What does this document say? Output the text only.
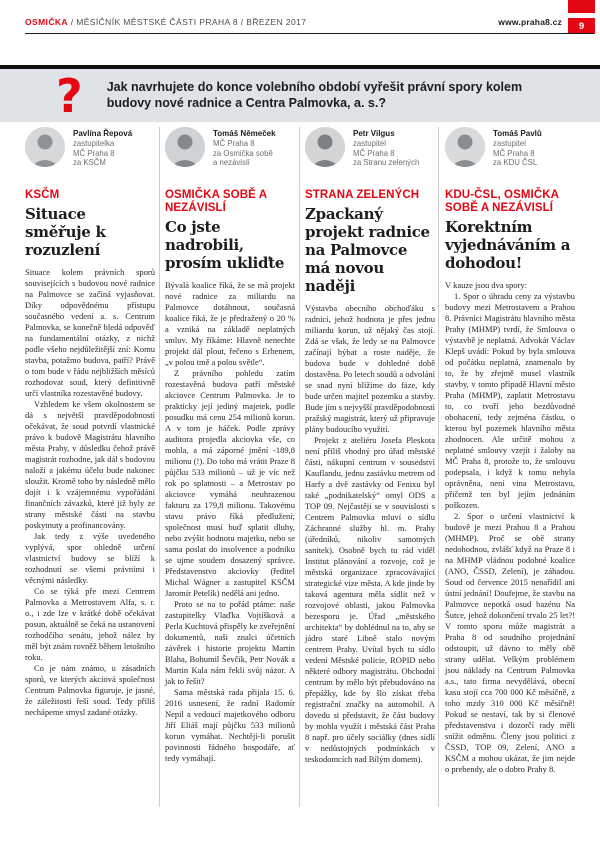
9
OSMIČKA / MĚSÍČNÍK MĚSTSKÉ ČÁSTI PRAHA 8 / BŘEZEN 2017	www.praha8.cz
? Jak navrhujete do konce volebního období vyřešit právní spory kolem budovy nové radnice a Centra Palmovka, a. s.?
Pavlína Řepová
zastupitelka
MČ Praha 8
za KSČM
KSČM
Situace směřuje k rozuzlení

Situace kolem právních sporů souvisejících s budovou nové radnice na Palmovce se začíná vyjasňovat. Díky odpovědnému přístupu současného vedení a. s. Centrum Palmovka, se konečně hledá odpověď na fundamentální otázky, z nichž podle všeho nejdůležitější zní: Komu stavba, potažmo budova, patří? Právě o tom bude v řádu nejbližších měsíců rozhodovat soud, který definitivně určí vlastníka rozestavěné budovy.

Vzhledem ke všem okolnostem se dá s největší pravděpodobností očekávat, že soud potvrdí vlastnické právo k budově Magistrátu hlavního města Prahy, v důsledku čehož právě magistrát rozhodne, jak dál s budovou naloží a jakému účelu bude nakonec sloužit. Kromě toho by následně mělo dojít i k vzájemnému vypořádání finančních závazků, které již byly ze strany městské části na stavbu poskytnuty a profinancovány.

Jak tedy z výše uvedeného vyplývá, spor ohledně určení vlastnictví budovy se blíží k rozhodnutí se všemi právními i věcnými následky.

Co se týká pře mezi Centrem Palmovka a Metrostavem Alfa, s. r. o., i zde lze v krátké době očekávat posun, aktuálně se čeká na ustanovení rozhodčího senátu, jehož nález by měl být znám rovněž během letošního roku.

Co je nám známo, u zásadních sporů, ve kterých akciová společnost Centrum Palmovka figuruje, je jasné, že záležitosti řeší soud. Tedy příliš nechápeme smysl zadané otázky.

Tomáš Němeček
MČ Praha 8
za Osmička sobě
a nezávislí
OSMIČKA SOBĚ A NEZÁVISLÍ
Co jste nadrobili, prosím ukliďte

Bývalá koalice říká, že se má projekt nové radnice za miliardu na Palmovce dotáhnout, současná koalice říká, že je předražený o 20 % a vzniká na základě neplatných smluv. My říkáme: Hlavně nenechte projekt dál plout, řečeno s Erbenem, „v polou tmě a polou světle“.

Z právního pohledu zatím rozestavěná budova patří městské akciovce Centrum Palmovka. Je to prakticky její jediný majetek, podle posudku má cenu 254 milionů korun. A v tom je háček. Podle zprávy auditora projedla akciovka vše, co mohla, a má záporné jmění -189,8 milionu (!). Do toho má vrátit Praze 8 půjčku 533 milionů – už je víc než rok po splatnosti – a Metrostav po akciovce vymáhá neuhrazenou fakturu za 179,8 milionu. Takovému stavu právo říká předlužení; společnost musí buď splatit dluhy, nebo zvýšit hodnotu majetku, nebo se sama poslat do insolvence a podniku se ujme soudem dosazený správce. Představenstvo akciovky (ředitel Michal Wágner a zastupitel KSČM Jaromír Petelík) nedělá ani jedno.

Proto se na to pořád ptáme: naše zastupitelky Vlaďka Vojtíšková a Perla Kuchtová přispěly ke zveřejnění dokumentů, naši znalci účetních závěrek i historie projektu Martin Blaha, Bohumil Ševčík, Petr Novák a Martin Kala nám řekli svůj názor. A jak to řešit?

Sama městská rada přijala 15. 6. 2016 usnesení, že radní Radomír Nepil a vedoucí majetkového odboru Jiří Eliáš mají půjčku 533 milionů korun vymáhat. Nechtějí-li porušit povinnosti řádného hospodáře, ať tedy vymáhají.

Petr Vilgus
zastupitel
MČ Praha 8
za Stranu zelených
STRANA ZELENÝCH
Zpackaný projekt radnice na Palmovce má novou naději

Výstavba obecního obchoďáku s radnicí, jehož hodnota je přes jednu miliardu korun, už nějaký čas stojí. Zdá se však, že ledy se na Palmovce začínají hýbat a roste naděje, že budova bude v dohledné době dostavěna. Po letech soudů a odvolání se snad nyní blížíme do fáze, kdy bude určen majitel pozemku a stavby. Bude jím s nejvyšší pravděpodobností pražský magistrát, který už připravuje plány budoucího využití.

Projekt z ateliéru Josefa Pleskota není příliš vhodný pro úřad městské části, nákupní centrum v sousedství Kauflandu, jednu zastávku metrem od Harfy a dvě zastávky od Fenixu byl také „podnikatelský“ omyl ODS a TOP 09. Nejčastěji se v souvislosti s Centrem Palmovka mluví o sídlu Záchranné služby hl. m. Prahy (úředníků, nikoliv samotných sanitek). Osobně bych tu rád viděl Institut plánování a rozvoje, což je městská organizace zpracovávající strategické vize města. A kde jinde by taková agentura měla sídlit než v rozvojové oblasti, jakou Palmovka bezesporu je. Úřad „městského architekta“ by dohlédnul na to, aby se jádro staré Libně stalo novým centrem Prahy. Uvítal bych tu sídlo vedení Městské policie, ROPID nebo některé odbory magistrátu. Obchodní centrum by mělo být přebudováno na přepážky, kde by šlo získat třeba registrační značky na automobil. A dovedu si představit, že část budovy by mohla využít i městská část Praha 8 např. pro účely sociálky (dnes sídlí v nedůstojných podmínkách v teskodomcích nad Bílým domem).

Tomáš Pavlů
zastupitel
MČ Praha 8
za KDU ČSL
KDU-ČSL, OSMIČKA SOBĚ A NEZÁVISLÍ
Korektním vyjednáváním a dohodou!

V kauze jsou dva spory:

1. Spor o úhradu ceny za výstavbu budovy mezi Metrostavem a Prahou 8. Právníci Magistrátu hlavního města Prahy (MHMP) tvrdí, že Smlouva o výstavbě je neplatná. Advokát Václav Klepš uvádí: Pokud by byla smlouva od počátku neplatná, znamenalo by to, že by zřejmě musel vlastník stavby, v tomto případě Hlavní město Praha (MHMP), zaplatit Metrostavu to, co tvoří jeho bezdůvodné obohacení, tedy zejména částku, o kterou byl pozemek hlavního města zhodnocen. Ale určitě mohou z neplatné smlouvy vzejít i žaloby na MČ Praha 8, protože to, že smlouvu podepsala, i když k tomu nebyla oprávněna, není vina Metrostavu, přičemž ten byl jejím jednáním poškozen.

2. Spor o určení vlastnictví k budově je mezi Prahou 8 a Prahou (MHMP). Proč se obě strany nedohodnou, zvlášť když na Praze 8 i na MHMP vládnou podobné koalice (ANO, ČSSD, Zelení), je záhadou. Soud od července 2015 nenařídil ani ústní jednání! Doufejme, že stavbu na Palmovce nepotká osud bazénu Na Šutce, jehož dokončení trvalo 25 let?! V tomto sporu může magistrát a Praha 8 od soudního projednání odstoupit, už dávno to měly obě strany udělat. Velkým problémem jsou náklady na Centrum Palmovka a.s., tato firma nevydělává, obecní kasu stojí cca 700 000 Kč měsíčně, z toho mzdy 310 000 Kč měsíčně! Pokud se nestaví, tak by si členové představenstva i dozorčí rady měli snížit odměnu. Členy jsou politici z ČSSD, TOP 09, Zelení, ANO a KSČM a mohou ukázat, že jim nejde o prebendy, ale o dobro Prahy 8.
